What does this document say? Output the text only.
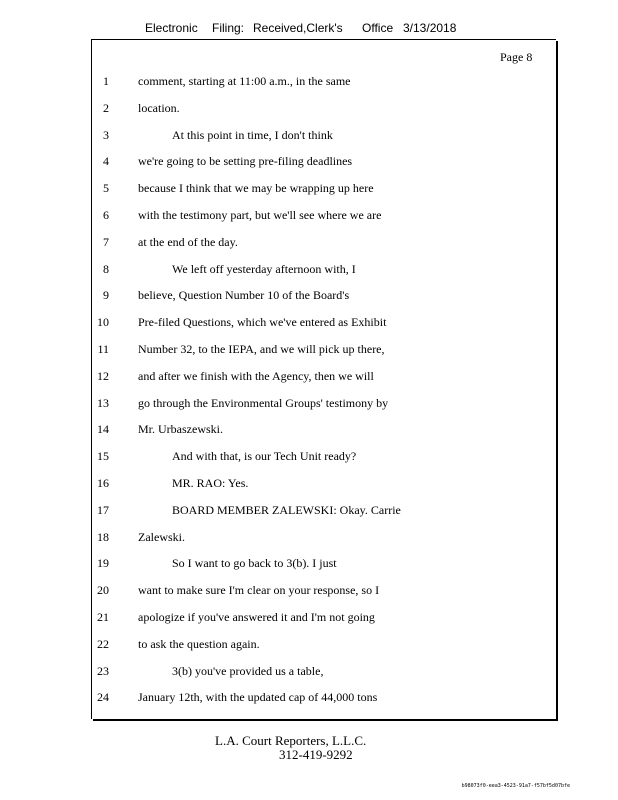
Electronic Filing: Received,Clerk's Office 3/13/2018
Page 8
1 comment, starting at 11:00 a.m., in the same
2 location.
3	At this point in time, I don't think
4 we're going to be setting pre-filing deadlines
5 because I think that we may be wrapping up here
6 with the testimony part, but we'll see where we are
7 at the end of the day.
8	We left off yesterday afternoon with, I
9 believe, Question Number 10 of the Board's
10 Pre-filed Questions, which we've entered as Exhibit
11 Number 32, to the IEPA, and we will pick up there,
12 and after we finish with the Agency, then we will
13 go through the Environmental Groups' testimony by
14 Mr. Urbaszewski.
15	And with that, is our Tech Unit ready?
16	MR. RAO: Yes.
17	BOARD MEMBER ZALEWSKI: Okay. Carrie
18 Zalewski.
19	So I want to go back to 3(b). I just
20 want to make sure I'm clear on your response, so I
21 apologize if you've answered it and I'm not going
22 to ask the question again.
23	3(b) you've provided us a table,
24 January 12th, with the updated cap of 44,000 tons
L.A. Court Reporters, L.L.C.
312-419-9292
b98073f0-eea3-4523-91a7-f57bf5d07bfe
